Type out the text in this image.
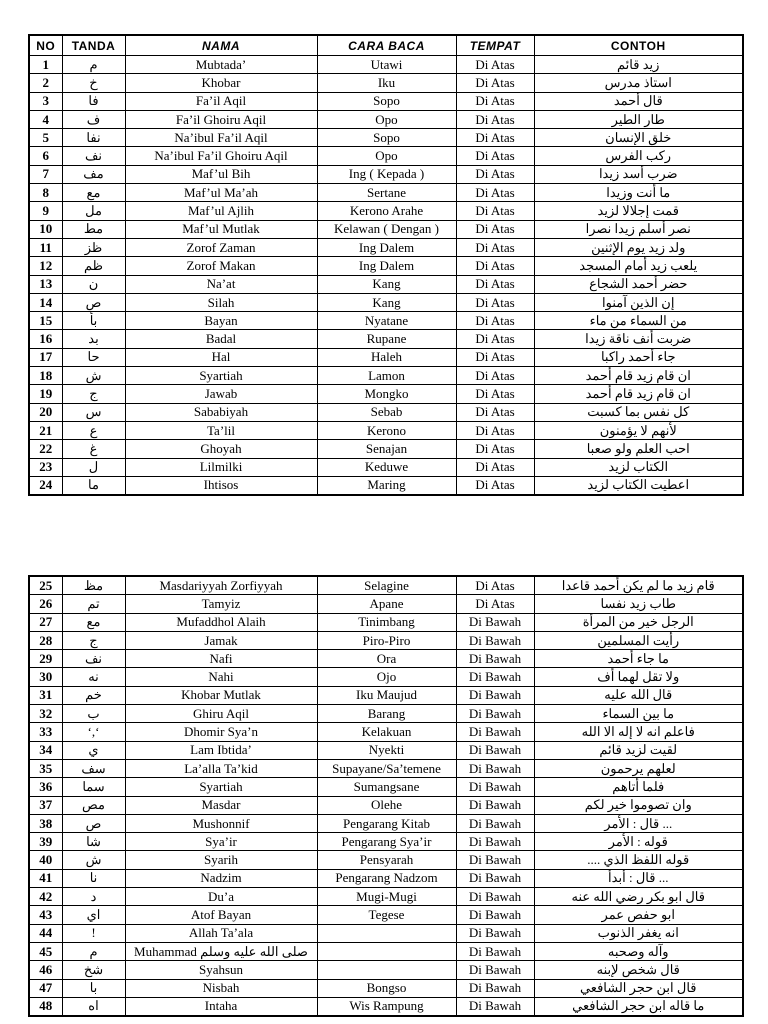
NO	TANDA	NAMA	CARA BACA	TEMPAT	CONTOH
1	م	Mubtada’	Utawi	Di Atas	زيد قائم
2	خ	Khobar	Iku	Di Atas	استاذ مدرس
3	فا	Fa’il Aqil	Sopo	Di Atas	قال أحمد
4	ف	Fa’il Ghoiru Aqil	Opo	Di Atas	طار الطير
5	نفا	Na’ibul Fa’il Aqil	Sopo	Di Atas	خلق الإنسان
6	نف	Na’ibul Fa’il Ghoiru Aqil	Opo	Di Atas	ركب الفرس
7	مف	Maf’ul Bih	Ing ( Kepada )	Di Atas	ضرب أسد زيدا
8	مع	Maf’ul Ma’ah	Sertane	Di Atas	ما أنت وزيدا
9	مل	Maf’ul Ajlih	Kerono Arahe	Di Atas	قمت إجلالا لزيد
10	مط	Maf’ul Mutlak	Kelawan ( Dengan )	Di Atas	نصر أسلم زيدا نصرا
11	ظز	Zorof Zaman	Ing Dalem	Di Atas	ولد زيد يوم الإثنين
12	ظم	Zorof Makan	Ing Dalem	Di Atas	يلعب زيد أمام المسجد
13	ن	Na’at	Kang	Di Atas	حضر أحمد الشجاع
14	ص	Silah	Kang	Di Atas	إن الذين آمنوا
15	بأ	Bayan	Nyatane	Di Atas	من السماء من ماء
16	بد	Badal	Rupane	Di Atas	ضربت أنف ناقة زيدا
17	حا	Hal	Haleh	Di Atas	جاء أحمد راكبا
18	ش	Syartiah	Lamon	Di Atas	ان قام زيد قام أحمد
19	ج	Jawab	Mongko	Di Atas	ان قام زيد قام أحمد
20	س	Sababiyah	Sebab	Di Atas	كل نفس بما كسبت
21	ع	Ta’lil	Kerono	Di Atas	لأنهم لا يؤمنون
22	غ	Ghoyah	Senajan	Di Atas	احب العلم ولو صعبا
23	ل	Lilmilki	Keduwe	Di Atas	الكتاب لزيد
24	ما	Ihtisos	Maring	Di Atas	اعطيت الكتاب لزيد
25	مظ	Masdariyyah Zorfiyyah	Selagine	Di Atas	قام زيد ما لم يكن أحمد قاعدا
26	تم	Tamyiz	Apane	Di Atas	طاب زيد نفسا
27	مع	Mufaddhol Alaih	Tinimbang	Di Bawah	الرجل خير من المرأة
28	ج	Jamak	Piro-Piro	Di Bawah	رأيت المسلمين
29	نف	Nafi	Ora	Di Bawah	ما جاء أحمد
30	نه	Nahi	Ojo	Di Bawah	ولا تقل لهما أف
31	خم	Khobar Mutlak	Iku Maujud	Di Bawah	قال الله عليه
32	ب	Ghiru Aqil	Barang	Di Bawah	ما بين السماء
33	ʻ,ʻ	Dhomir Sya’n	Kelakuan	Di Bawah	فاعلم انه لا إله الا الله
34	ي	Lam Ibtida’	Nyekti	Di Bawah	لقيت لزيد قائم
35	سف	La’alla Ta’kid	Supayane/Sa’temene	Di Bawah	لعلهم يرحمون
36	سما	Syartiah	Sumangsane	Di Bawah	فلما أتاهم
37	مص	Masdar	Olehe	Di Bawah	وان تصوموا خير لكم
38	ص	Mushonnif	Pengarang Kitab	Di Bawah	... قال : الأمر
39	شا	Sya’ir	Pengarang Sya’ir	Di Bawah	قوله : الأمر
40	ش	Syarih	Pensyarah	Di Bawah	قوله اللفظ الذي ....
41	نا	Nadzim	Pengarang Nadzom	Di Bawah	... قال : أبدأ
42	د	Du’a	Mugi-Mugi	Di Bawah	قال ابو بكر رضي الله عنه
43	اي	Atof Bayan	Tegese	Di Bawah	ابو حفص عمر
44	!	Allah Ta’ala		Di Bawah	انه يغفر الذنوب
45	م	Muhammad صلى الله عليه وسلم		Di Bawah	وآله وصحبه
46	شخ	Syahsun		Di Bawah	قال شخص لإبنه
47	با	Nisbah	Bongso	Di Bawah	قال ابن حجر الشافعي
48	اه	Intaha	Wis Rampung	Di Bawah	ما قاله ابن حجر الشافعي
